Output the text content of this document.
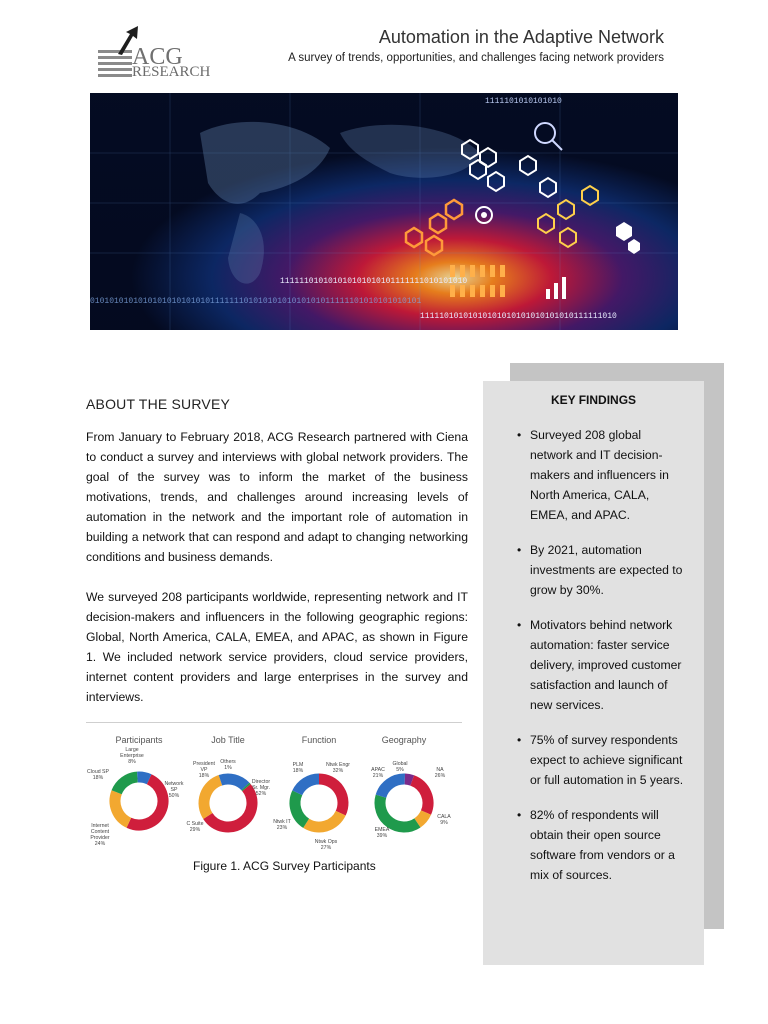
ACG
RESEARCH
Automation in the Adaptive Network
A survey of trends, opportunities, and challenges facing network providers
010101010101010101010101011111110101010101010101011111101010101010101
111111010101010101010101111111010101010
11111010101010101010101010101010111111010
1111101010101010
ABOUT THE SURVEY

From January to February 2018, ACG Research partnered with Ciena to conduct a survey and interviews with global network providers. The goal of the survey was to inform the market of the business motivations, trends, and challenges around increasing levels of automation in the network and the important role of automation in building a network that can respond and adapt to changing networking conditions and business demands.

We surveyed 208 participants worldwide, representing network and IT decision-makers and influencers in the following geographic regions: Global, North America, CALA, EMEA, and APAC, as shown in Figure 1. We included network service providers, cloud service providers, internet content providers and large enterprises in the survey and interviews.

Participants
Large Enterprise 8%
Network SP 50%
Internet Content Provider 24%
Cloud SP 18%
Job Title
President VP 18%
Others 1%
Director Sr. Mgr. 52%
C Suite 29%
Function
PLM 18%
Ntwk Engr 32%
Ntwk Ops 27%
Ntwk IT 23%
Geography
APAC 21%
Global 5%	NA 26%
CALA 9%
EMEA 39%
Figure 1. ACG Survey Participants
KEY FINDINGS
• Surveyed 208 global network and IT decision-makers and influencers in North America, CALA, EMEA, and APAC.
• By 2021, automation investments are expected to grow by 30%.
• Motivators behind network automation: faster service delivery, improved customer satisfaction and launch of new services.
• 75% of survey respondents expect to achieve significant or full automation in 5 years.
• 82% of respondents will obtain their open source software from vendors or a mix of sources.
